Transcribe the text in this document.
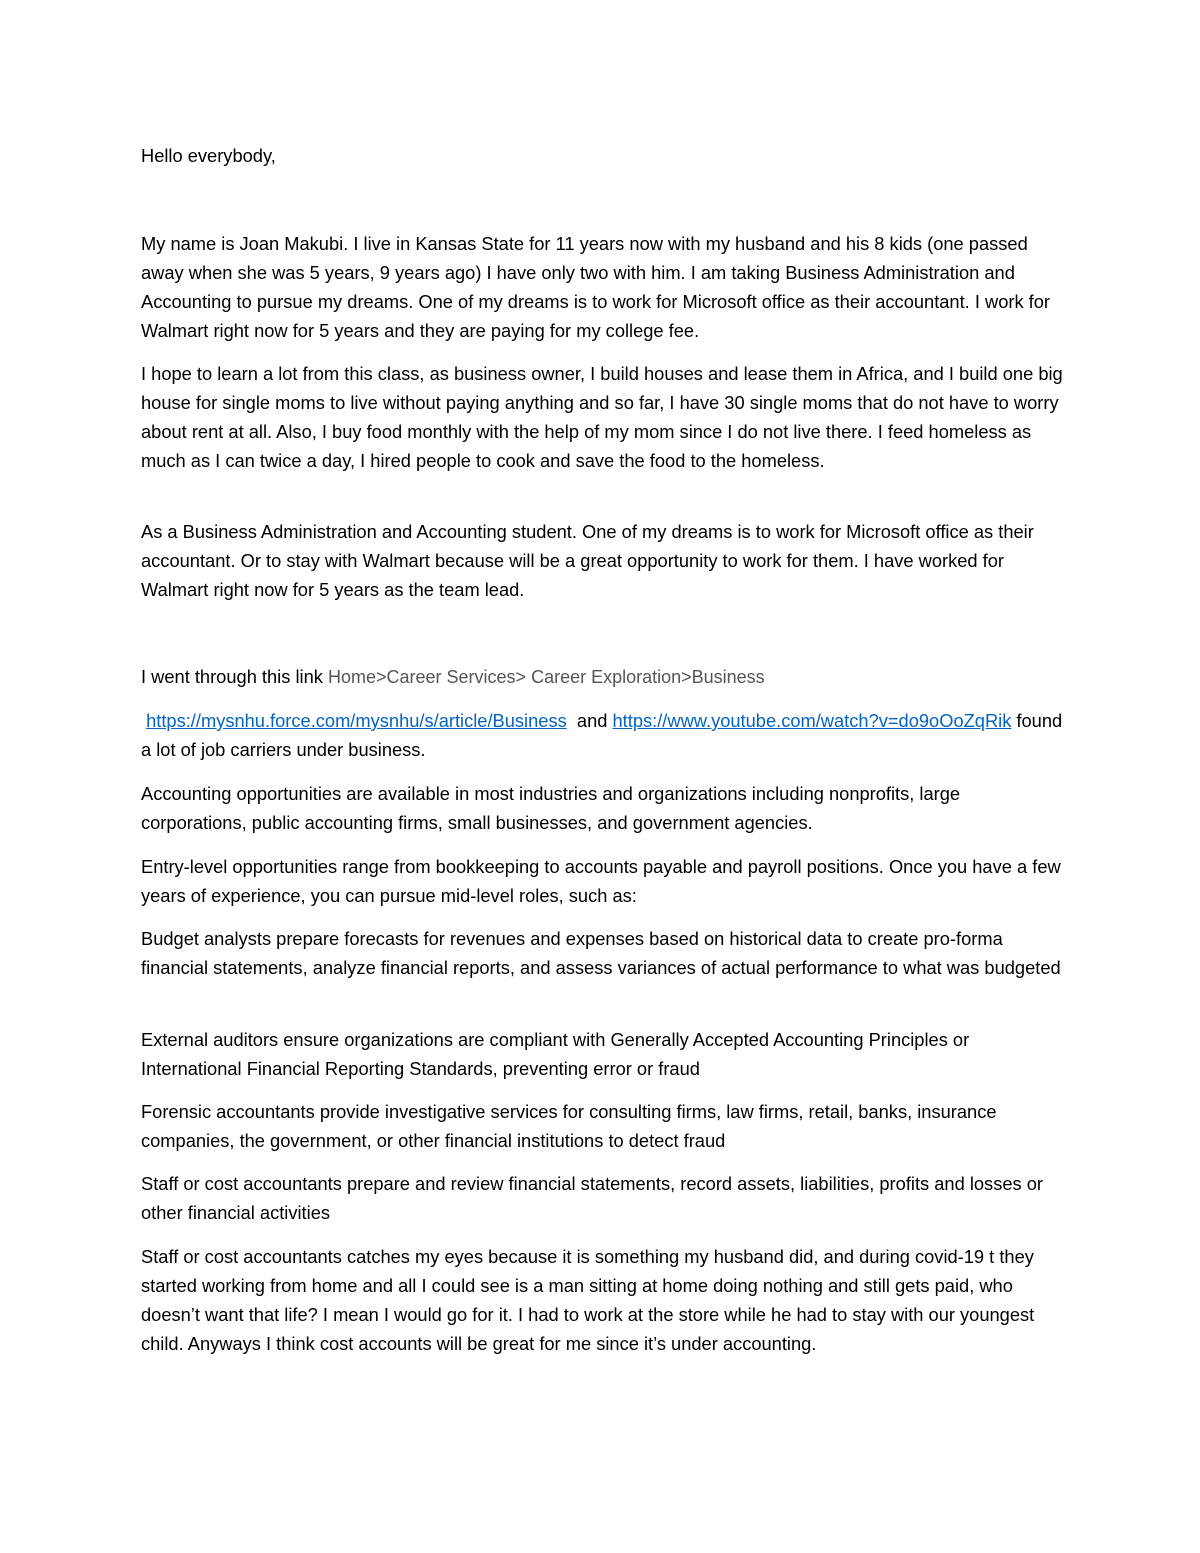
Hello everybody,

My name is Joan Makubi. I live in Kansas State for 11 years now with my husband and his 8 kids (one passed away when she was 5 years, 9 years ago) I have only two with him. I am taking Business Administration and Accounting to pursue my dreams. One of my dreams is to work for Microsoft office as their accountant. I work for Walmart right now for 5 years and they are paying for my college fee.

I hope to learn a lot from this class, as business owner, I build houses and lease them in Africa, and I build one big house for single moms to live without paying anything and so far, I have 30 single moms that do not have to worry about rent at all. Also, I buy food monthly with the help of my mom since I do not live there. I feed homeless as much as I can twice a day, I hired people to cook and save the food to the homeless.

As a Business Administration and Accounting student. One of my dreams is to work for Microsoft office as their accountant. Or to stay with Walmart because will be a great opportunity to work for them. I have worked for Walmart right now for 5 years as the team lead.

I went through this link Home>Career Services> Career Exploration>Business

https://mysnhu.force.com/mysnhu/s/article/Business and https://www.youtube.com/watch?v=do9oOoZqRik found a lot of job carriers under business.

Accounting opportunities are available in most industries and organizations including nonprofits, large corporations, public accounting firms, small businesses, and government agencies.

Entry-level opportunities range from bookkeeping to accounts payable and payroll positions. Once you have a few years of experience, you can pursue mid-level roles, such as:

Budget analysts prepare forecasts for revenues and expenses based on historical data to create pro-forma financial statements, analyze financial reports, and assess variances of actual performance to what was budgeted

External auditors ensure organizations are compliant with Generally Accepted Accounting Principles or International Financial Reporting Standards, preventing error or fraud

Forensic accountants provide investigative services for consulting firms, law firms, retail, banks, insurance companies, the government, or other financial institutions to detect fraud

Staff or cost accountants prepare and review financial statements, record assets, liabilities, profits and losses or other financial activities

Staff or cost accountants catches my eyes because it is something my husband did, and during covid-19 t they started working from home and all I could see is a man sitting at home doing nothing and still gets paid, who doesn’t want that life? I mean I would go for it. I had to work at the store while he had to stay with our youngest child. Anyways I think cost accounts will be great for me since it’s under accounting.
